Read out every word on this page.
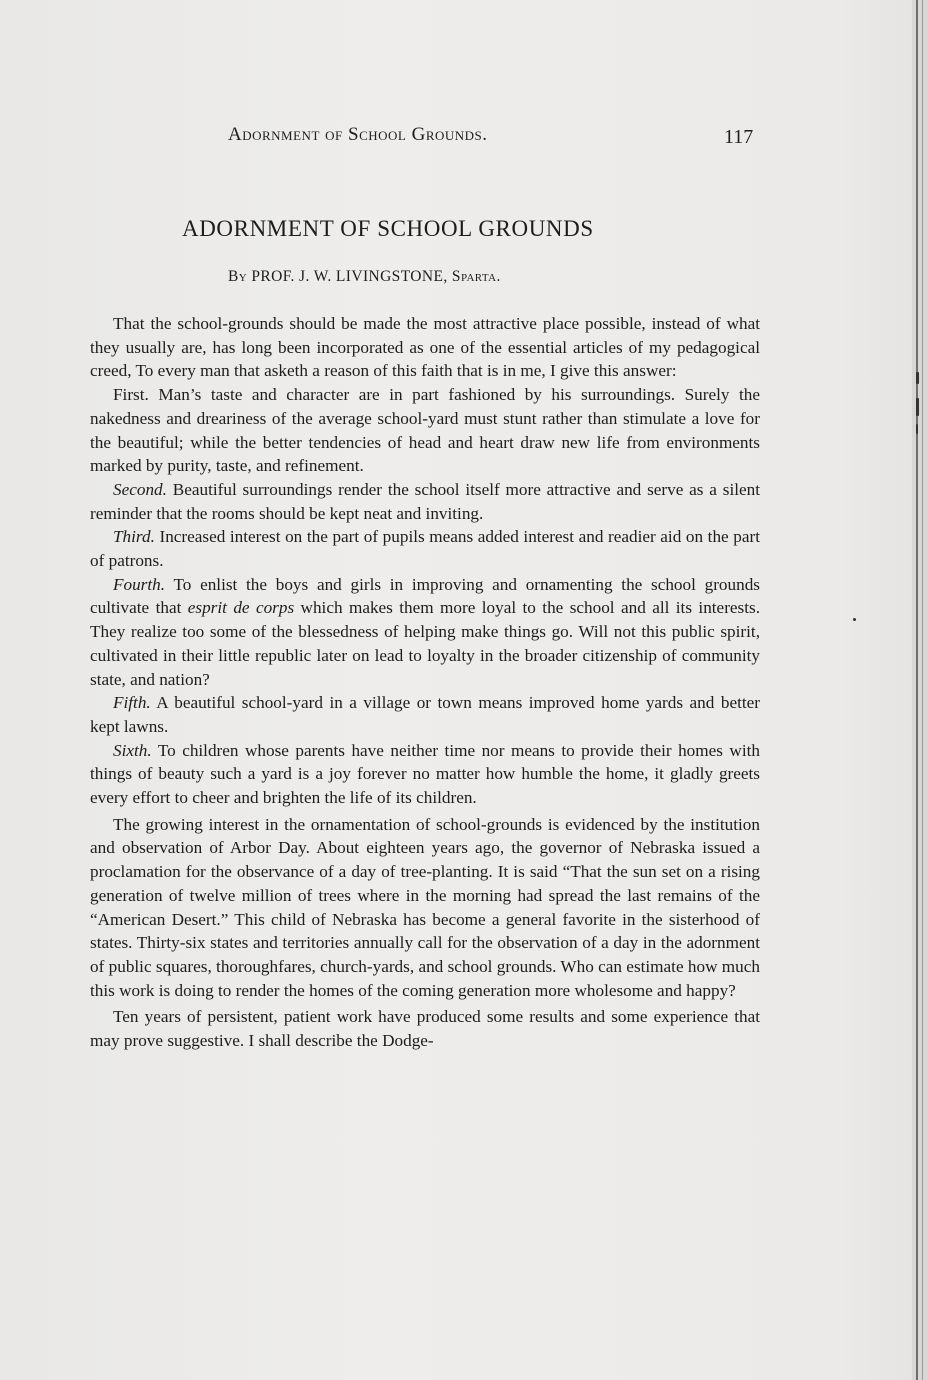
Adornment of School Grounds.	117
ADORNMENT OF SCHOOL GROUNDS
By PROF. J. W. LIVINGSTONE, Sparta.

That the school-grounds should be made the most attractive place possible, instead of what they usually are, has long been incorporated as one of the essential articles of my pedagogical creed, To every man that asketh a reason of this faith that is in me, I give this answer:

First. Man’s taste and character are in part fashioned by his surroundings. Surely the nakedness and dreariness of the average school-yard must stunt rather than stimulate a love for the beautiful; while the better tendencies of head and heart draw new life from environments marked by purity, taste, and refinement.

Second. Beautiful surroundings render the school itself more attractive and serve as a silent reminder that the rooms should be kept neat and inviting.

Third. Increased interest on the part of pupils means added interest and readier aid on the part of patrons.

Fourth. To enlist the boys and girls in improving and ornamenting the school grounds cultivate that esprit de corps which makes them more loyal to the school and all its interests. They realize too some of the blessedness of helping make things go. Will not this public spirit, cultivated in their little republic later on lead to loyalty in the broader citizenship of community state, and nation?

Fifth. A beautiful school-yard in a village or town means improved home yards and better kept lawns.

Sixth. To children whose parents have neither time nor means to provide their homes with things of beauty such a yard is a joy forever no matter how humble the home, it gladly greets every effort to cheer and brighten the life of its children.

The growing interest in the ornamentation of school-grounds is evidenced by the institution and observation of Arbor Day. About eighteen years ago, the governor of Nebraska issued a proclamation for the observance of a day of tree-planting. It is said “That the sun set on a rising generation of twelve million of trees where in the morning had spread the last remains of the “American Desert.” This child of Nebraska has become a general favorite in the sisterhood of states. Thirty-six states and territories annually call for the observation of a day in the adornment of public squares, thoroughfares, church-yards, and school grounds. Who can estimate how much this work is doing to render the homes of the coming generation more wholesome and happy?

Ten years of persistent, patient work have produced some results and some experience that may prove suggestive. I shall describe the Dodge-
